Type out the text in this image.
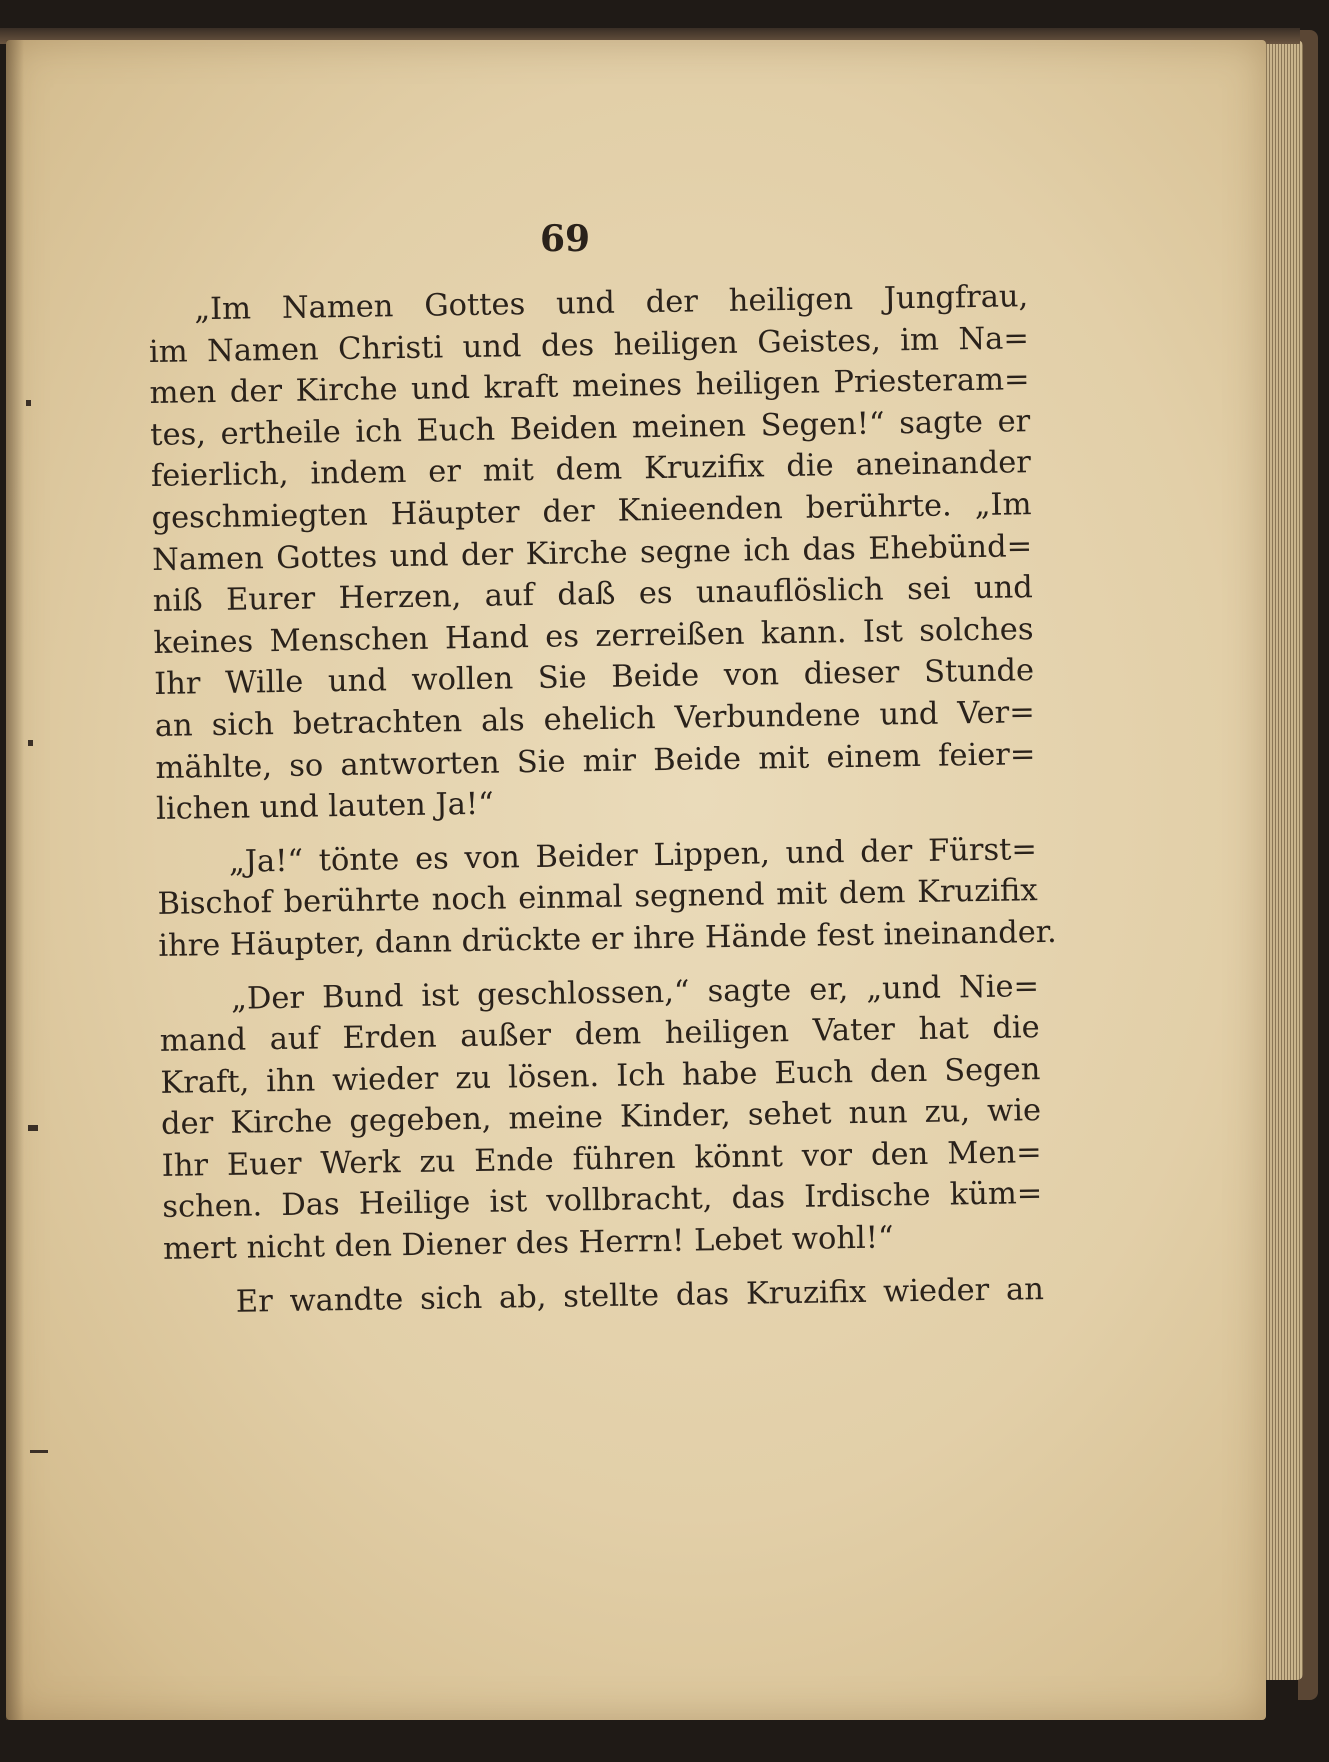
69
„Im Namen Gottes und der heiligen Jungfrau,
im Namen Christi und des heiligen Geistes, im Na=
men der Kirche und kraft meines heiligen Priesteram=
tes, ertheile ich Euch Beiden meinen Segen!“ sagte er
feierlich, indem er mit dem Kruzifix die aneinander
geschmiegten Häupter der Knieenden berührte. „Im
Namen Gottes und der Kirche segne ich das Ehebünd=
niß Eurer Herzen, auf daß es unauflöslich sei und
keines Menschen Hand es zerreißen kann. Ist solches
Ihr Wille und wollen Sie Beide von dieser Stunde
an sich betrachten als ehelich Verbundene und Ver=
mählte, so antworten Sie mir Beide mit einem feier=
lichen und lauten Ja!“
„Ja!“ tönte es von Beider Lippen, und der Fürst=
Bischof berührte noch einmal segnend mit dem Kruzifix
ihre Häupter, dann drückte er ihre Hände fest ineinander.
„Der Bund ist geschlossen,“ sagte er, „und Nie=
mand auf Erden außer dem heiligen Vater hat die
Kraft, ihn wieder zu lösen. Ich habe Euch den Segen
der Kirche gegeben, meine Kinder, sehet nun zu, wie
Ihr Euer Werk zu Ende führen könnt vor den Men=
schen. Das Heilige ist vollbracht, das Irdische küm=
mert nicht den Diener des Herrn! Lebet wohl!“
Er wandte sich ab, stellte das Kruzifix wieder an
